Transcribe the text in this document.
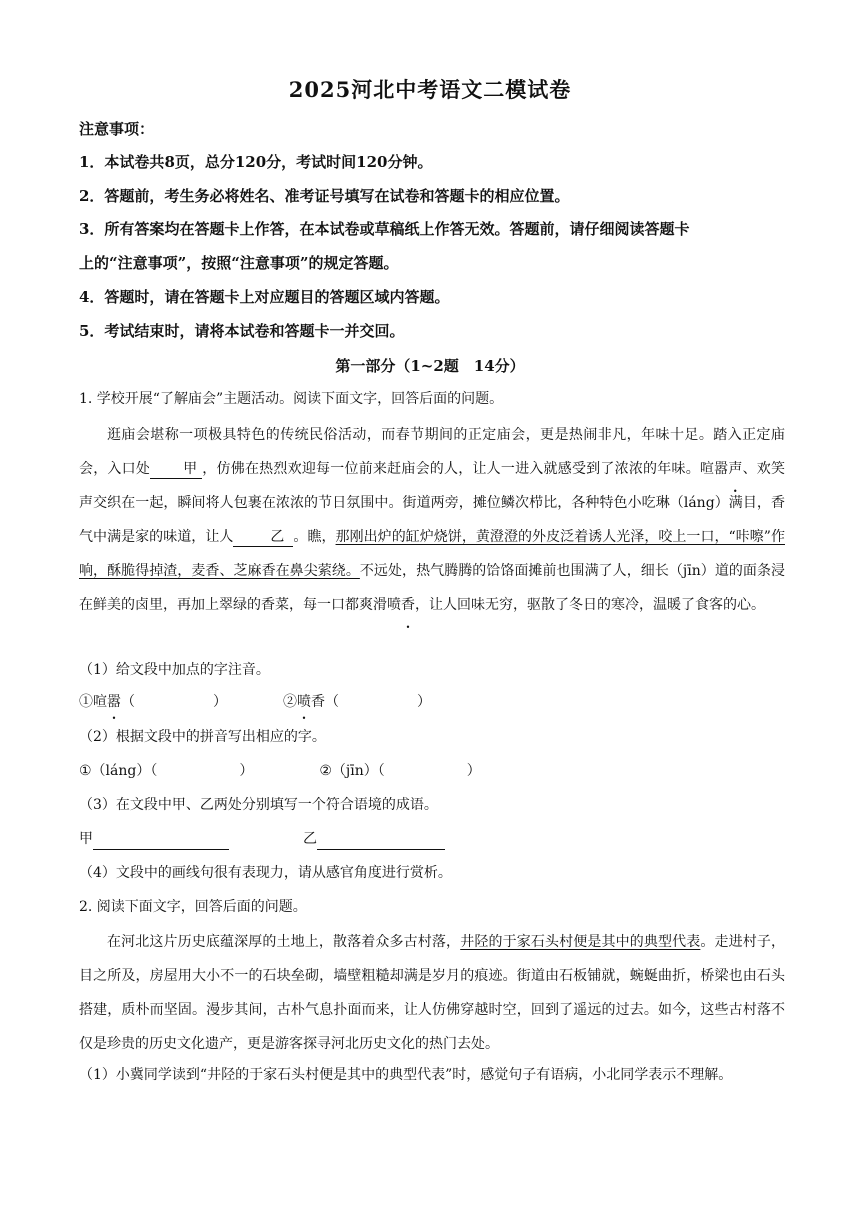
2025河北中考语文二模试卷
注意事项：
1．本试卷共8页，总分120分，考试时间120分钟。
2．答题前，考生务必将姓名、准考证号填写在试卷和答题卡的相应位置。
3．所有答案均在答题卡上作答，在本试卷或草稿纸上作答无效。答题前，请仔细阅读答题卡
上的“注意事项”，按照“注意事项”的规定答题。
4．答题时，请在答题卡上对应题目的答题区域内答题。
5．考试结束时，请将本试卷和答题卡一并交回。
第一部分（1~2题　14分）
1. 学校开展“了解庙会”主题活动。阅读下面文字，回答后面的问题。

逛庙会堪称一项极具特色的传统民俗活动，而春节期间的正定庙会，更是热闹非凡，年味十足。踏入正定庙会，入口处 甲 ，仿佛在热烈欢迎每一位前来赶庙会的人，让人一进入就感受到了浓浓的年味。喧嚣声、欢笑声交织在一起，瞬间将人包裹在浓浓的节日氛围中。街道两旁，摊位鳞次栉比，各种特色小吃琳（láng）满目，香气中满是家的味道，让人	乙 。瞧，那刚出炉的缸炉烧饼，黄澄澄的外皮泛着诱人光泽，咬上一口，“咔嚓”作响，酥脆得掉渣，麦香、芝麻香在鼻尖萦绕。不远处，热气腾腾的饸饹面摊前也围满了人，细长（jīn）道的面条浸在鲜美的卤里，再加上翠绿的香菜，每一口都爽滑喷香，让人回味无穷，驱散了冬日的寒冷，温暖了食客的心。

（1）给文段中加点的字注音。
①喧嚣（	）	②喷香（	）
（2）根据文段中的拼音写出相应的字。
①（láng）（	）	②（jīn）（	）
（3）在文段中甲、乙两处分别填写一个符合语境的成语。
甲	乙
（4）文段中的画线句很有表现力，请从感官角度进行赏析。
2. 阅读下面文字，回答后面的问题。

在河北这片历史底蕴深厚的土地上，散落着众多古村落，井陉的于家石头村便是其中的典型代表。走进村子，目之所及，房屋用大小不一的石块垒砌，墙壁粗糙却满是岁月的痕迹。街道由石板铺就，蜿蜒曲折，桥梁也由石头搭建，质朴而坚固。漫步其间，古朴气息扑面而来，让人仿佛穿越时空，回到了遥远的过去。如今，这些古村落不仅是珍贵的历史文化遗产，更是游客探寻河北历史文化的热门去处。

（1）小冀同学读到“井陉的于家石头村便是其中的典型代表”时，感觉句子有语病，小北同学表示不理解。
